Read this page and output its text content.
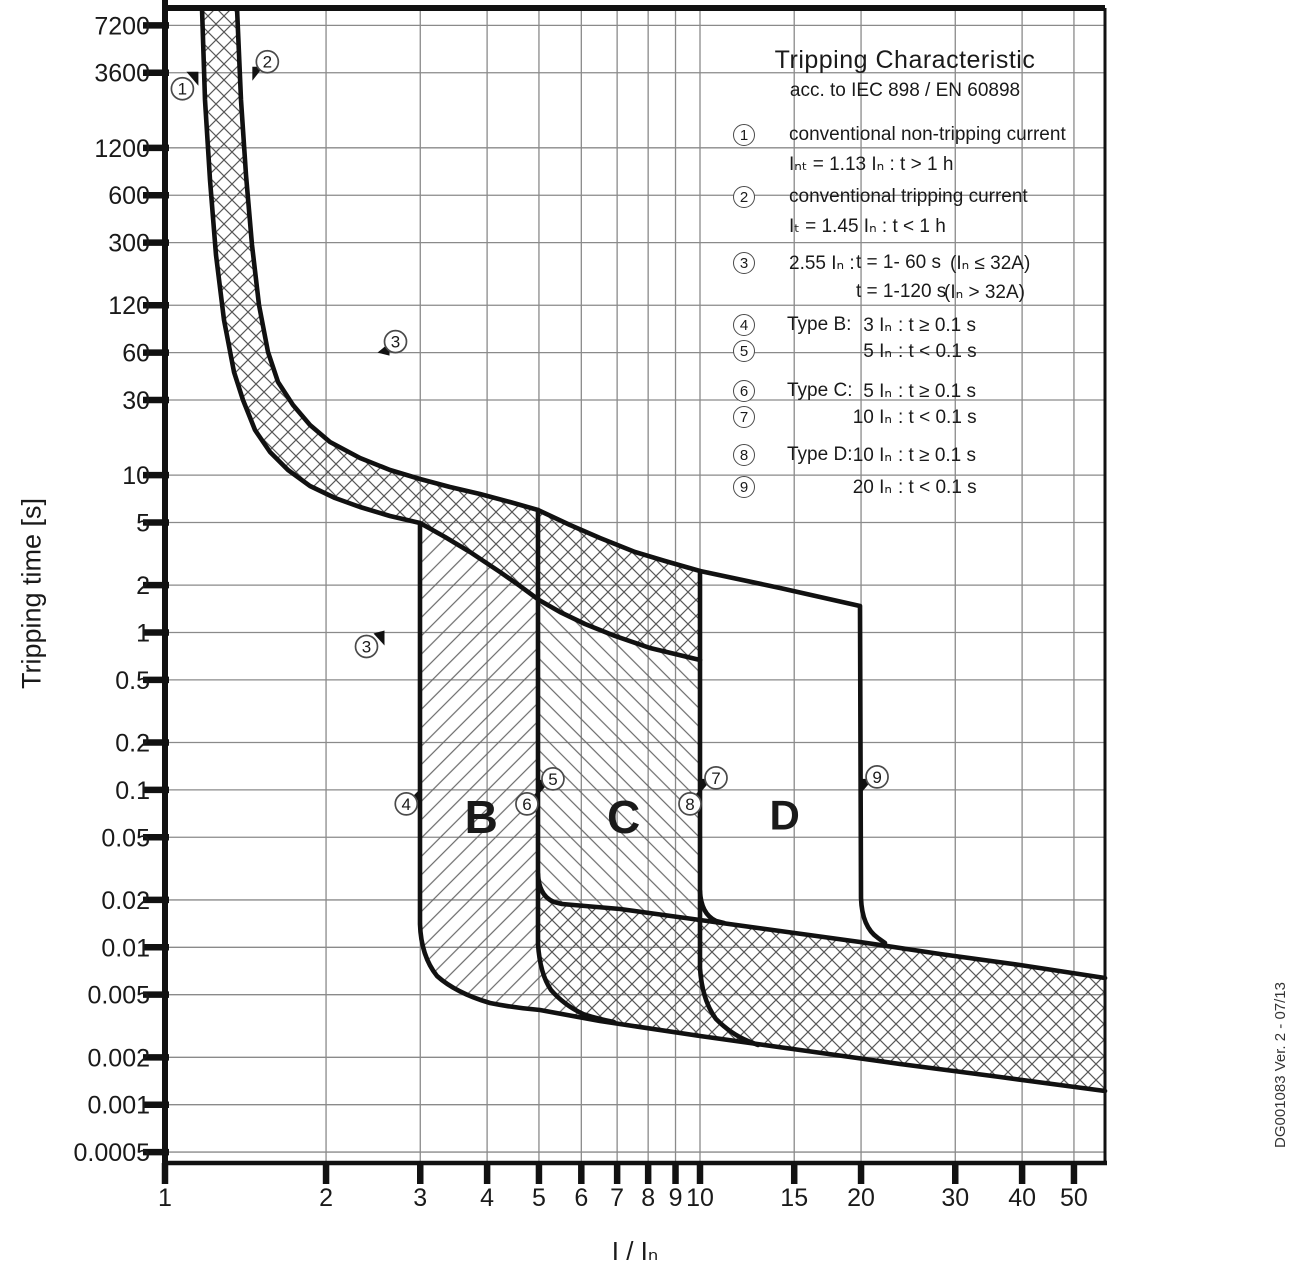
7200
3600
1200
600
300
120
60
30
10
5
2
1
0.5
0.2
0.1
0.05
0.02
0.01
0.005
0.002
0.001
0.0005
1	2	3 4 5 6 7 8 9 10	15 20	30 40 50
1
2
3
3
4
5
6
7
8
9
B C	D
Tripping time [s]
I / Iₙ
DG001083 Ver. 2 - 07/13
Tripping Characteristic
acc. to IEC 898 / EN 60898
1	conventional non-tripping current
Iₙₜ = 1.13 Iₙ : t > 1 h
2	conventional tripping current
Iₜ = 1.45 Iₙ : t < 1 h
3	2.55 Iₙ : t = 1- 60 s (Iₙ ≤ 32A)
t = 1-120 s
(Iₙ > 32A)
4
5
Type B: 3 Iₙ : t ≥ 0.1 s
5 Iₙ : t < 0.1 s
6
7
Type C: 5 Iₙ : t ≥ 0.1 s
10 Iₙ : t < 0.1 s
8
9
Type D: 10 Iₙ : t ≥ 0.1 s
20 Iₙ : t < 0.1 s
